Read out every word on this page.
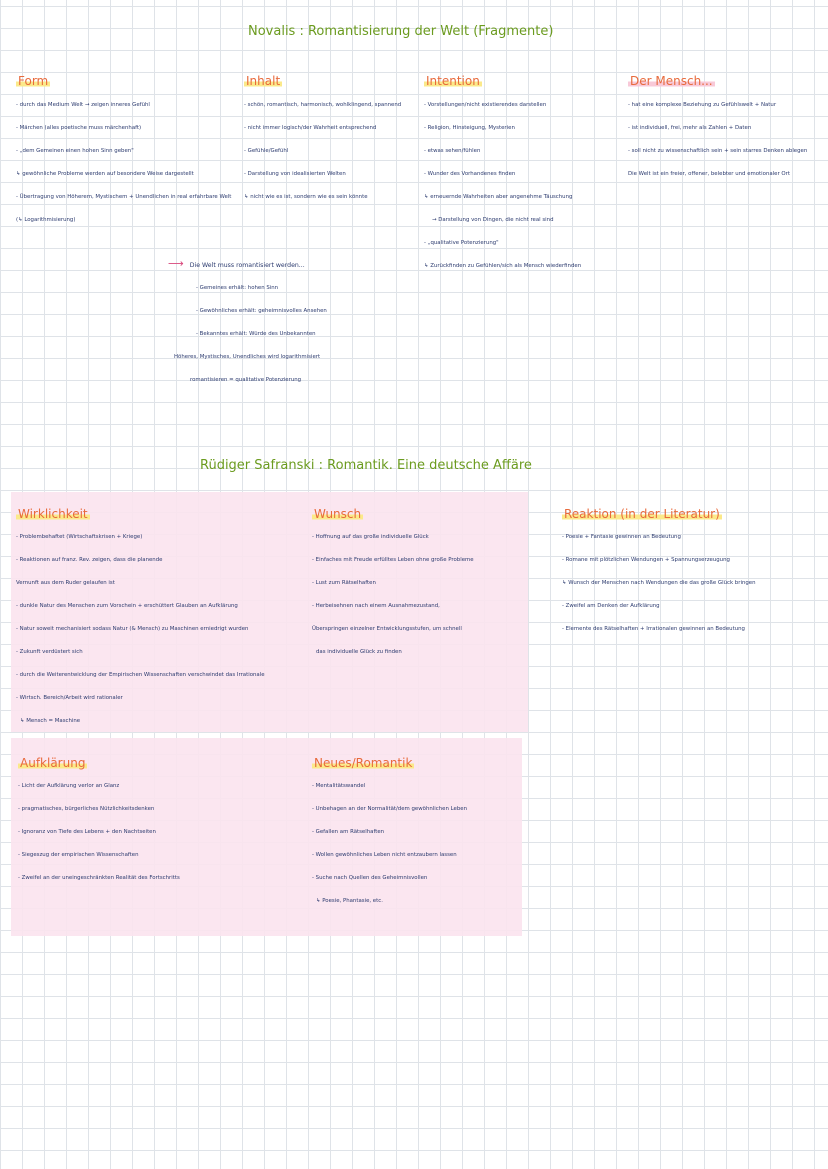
Novalis : Romantisierung der Welt (Fragmente)
Form
- durch das Medium Welt → zeigen inneres Gefühl
- Märchen (alles poetische muss märchenhaft)
- „dem Gemeinen einen hohen Sinn geben"
↳ gewöhnliche Probleme werden auf besondere Weise dargestellt
- Übertragung von Höherem, Mystischem + Unendlichen in real erfahrbare Welt
(↳ Logarithmisierung)
Inhalt
- schön, romantisch, harmonisch, wohlklingend, spannend
- nicht immer logisch/der Wahrheit entsprechend
- Gefühle/Gefühl
- Darstellung von idealisierten Welten
↳ nicht wie es ist, sondern wie es sein könnte
Intention
- Vorstellungen/nicht existierendes darstellen
- Religion, Hinsteigung, Mysterien
- etwas sehen/fühlen
- Wunder des Vorhandenes finden
↳ erneuernde Wahrheiten aber angenehme Täuschung
→ Darstellung von Dingen, die nicht real sind
- „qualitative Potenzierung"
↳ Zurückfinden zu Gefühlen/sich als Mensch wiederfinden
Der Mensch...
- hat eine komplexe Beziehung zu Gefühlswelt + Natur
- ist individuell, frei, mehr als Zahlen + Daten
- soll nicht zu wissenschaftlich sein + sein starres Denken ablegen
Die Welt ist ein freier, offener, belebter und emotionaler Ort
⟶ Die Welt muss romantisiert werden...
- Gemeines erhält: hohen Sinn
- Gewöhnliches erhält: geheimnisvolles Ansehen
- Bekanntes erhält: Würde des Unbekannten
Höheres, Mystisches, Unendliches wird logarithmisiert
romantisieren = qualitative Potenzierung
Rüdiger Safranski : Romantik. Eine deutsche Affäre
Wirklichkeit
- Problembehaftet (Wirtschaftskrisen + Kriege)
- Reaktionen auf franz. Rev. zeigen, dass die planende
Vernunft aus dem Ruder gelaufen ist
- dunkle Natur des Menschen zum Vorschein + erschüttert Glauben an Aufklärung
- Natur soweit mechanisiert sodass Natur (& Mensch) zu Maschinen erniedrigt wurden
- Zukunft verdüstert sich
- durch die Weiterentwicklung der Empirischen Wissenschaften verschwindet das Irrationale
- Wirtsch. Bereich/Arbeit wird rationaler
↳ Mensch = Maschine
Wunsch
- Hoffnung auf das große individuelle Glück
- Einfaches mit Freude erfülltes Leben ohne große Probleme
- Lust zum Rätselhaften
- Herbeisehnen nach einem Ausnahmezustand,
Überspringen einzelner Entwicklungsstufen, um schnell
das individuelle Glück zu finden
Reaktion (in der Literatur)
- Poesie + Fantasie gewinnen an Bedeutung
- Romane mit plötzlichen Wendungen + Spannungserzeugung
↳ Wunsch der Menschen nach Wendungen die das große Glück bringen
- Zweifel am Denken der Aufklärung
- Elemente des Rätselhaften + Irrationalen gewinnen an Bedeutung
Aufklärung
- Licht der Aufklärung verlor an Glanz
- pragmatisches, bürgerliches Nützlichkeitsdenken
- Ignoranz von Tiefe des Lebens + den Nachtseiten
- Siegeszug der empirischen Wissenschaften
- Zweifel an der uneingeschränkten Realität des Fortschritts
Neues/Romantik
- Mentalitätswandel
- Unbehagen an der Normalität/dem gewöhnlichen Leben
- Gefallen am Rätselhaften
- Wollen gewöhnliches Leben nicht entzaubern lassen
- Suche nach Quellen des Geheimnisvollen
↳ Poesie, Phantasie, etc.
